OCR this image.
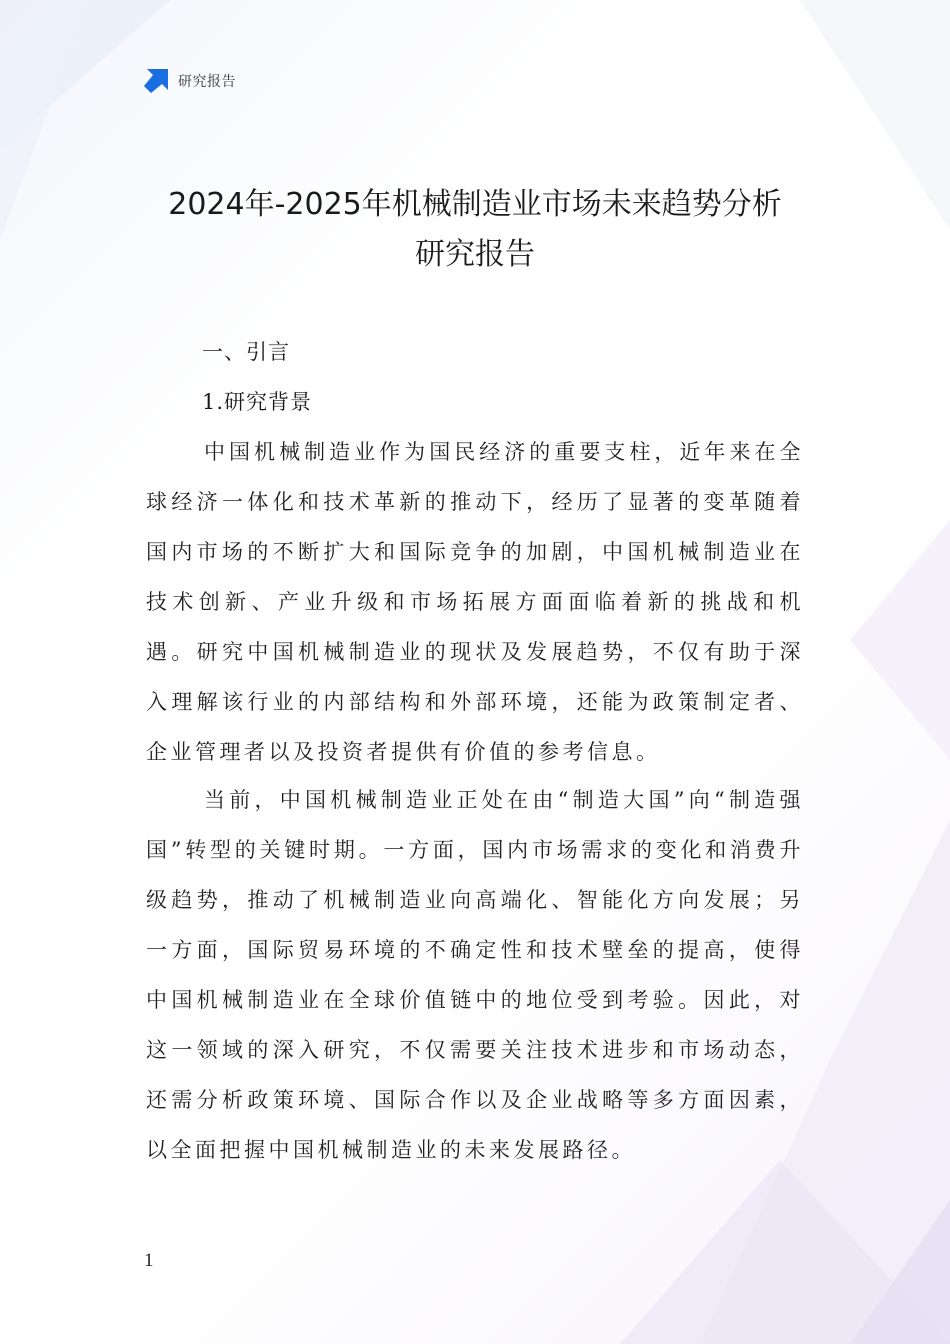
研究报告
2024年-2025年机械制造业市场未来趋势分析
研究报告
一、引言
1.研究背景

中国机械制造业作为国民经济的重要支柱，近年来在全球经济一体化和技术革新的推动下，经历了显著的变革随着国内市场的不断扩大和国际竞争的加剧，中国机械制造业在技术创新、产业升级和市场拓展方面面临着新的挑战和机遇。研究中国机械制造业的现状及发展趋势，不仅有助于深入理解该行业的内部结构和外部环境，还能为政策制定者、企业管理者以及投资者提供有价值的参考信息。

当前，中国机械制造业正处在由“制造大国”向“制造强国”转型的关键时期。一方面，国内市场需求的变化和消费升级趋势，推动了机械制造业向高端化、智能化方向发展；另一方面，国际贸易环境的不确定性和技术壁垒的提高，使得中国机械制造业在全球价值链中的地位受到考验。因此，对这一领域的深入研究，不仅需要关注技术进步和市场动态，还需分析政策环境、国际合作以及企业战略等多方面因素，以全面把握中国机械制造业的未来发展路径。

1
